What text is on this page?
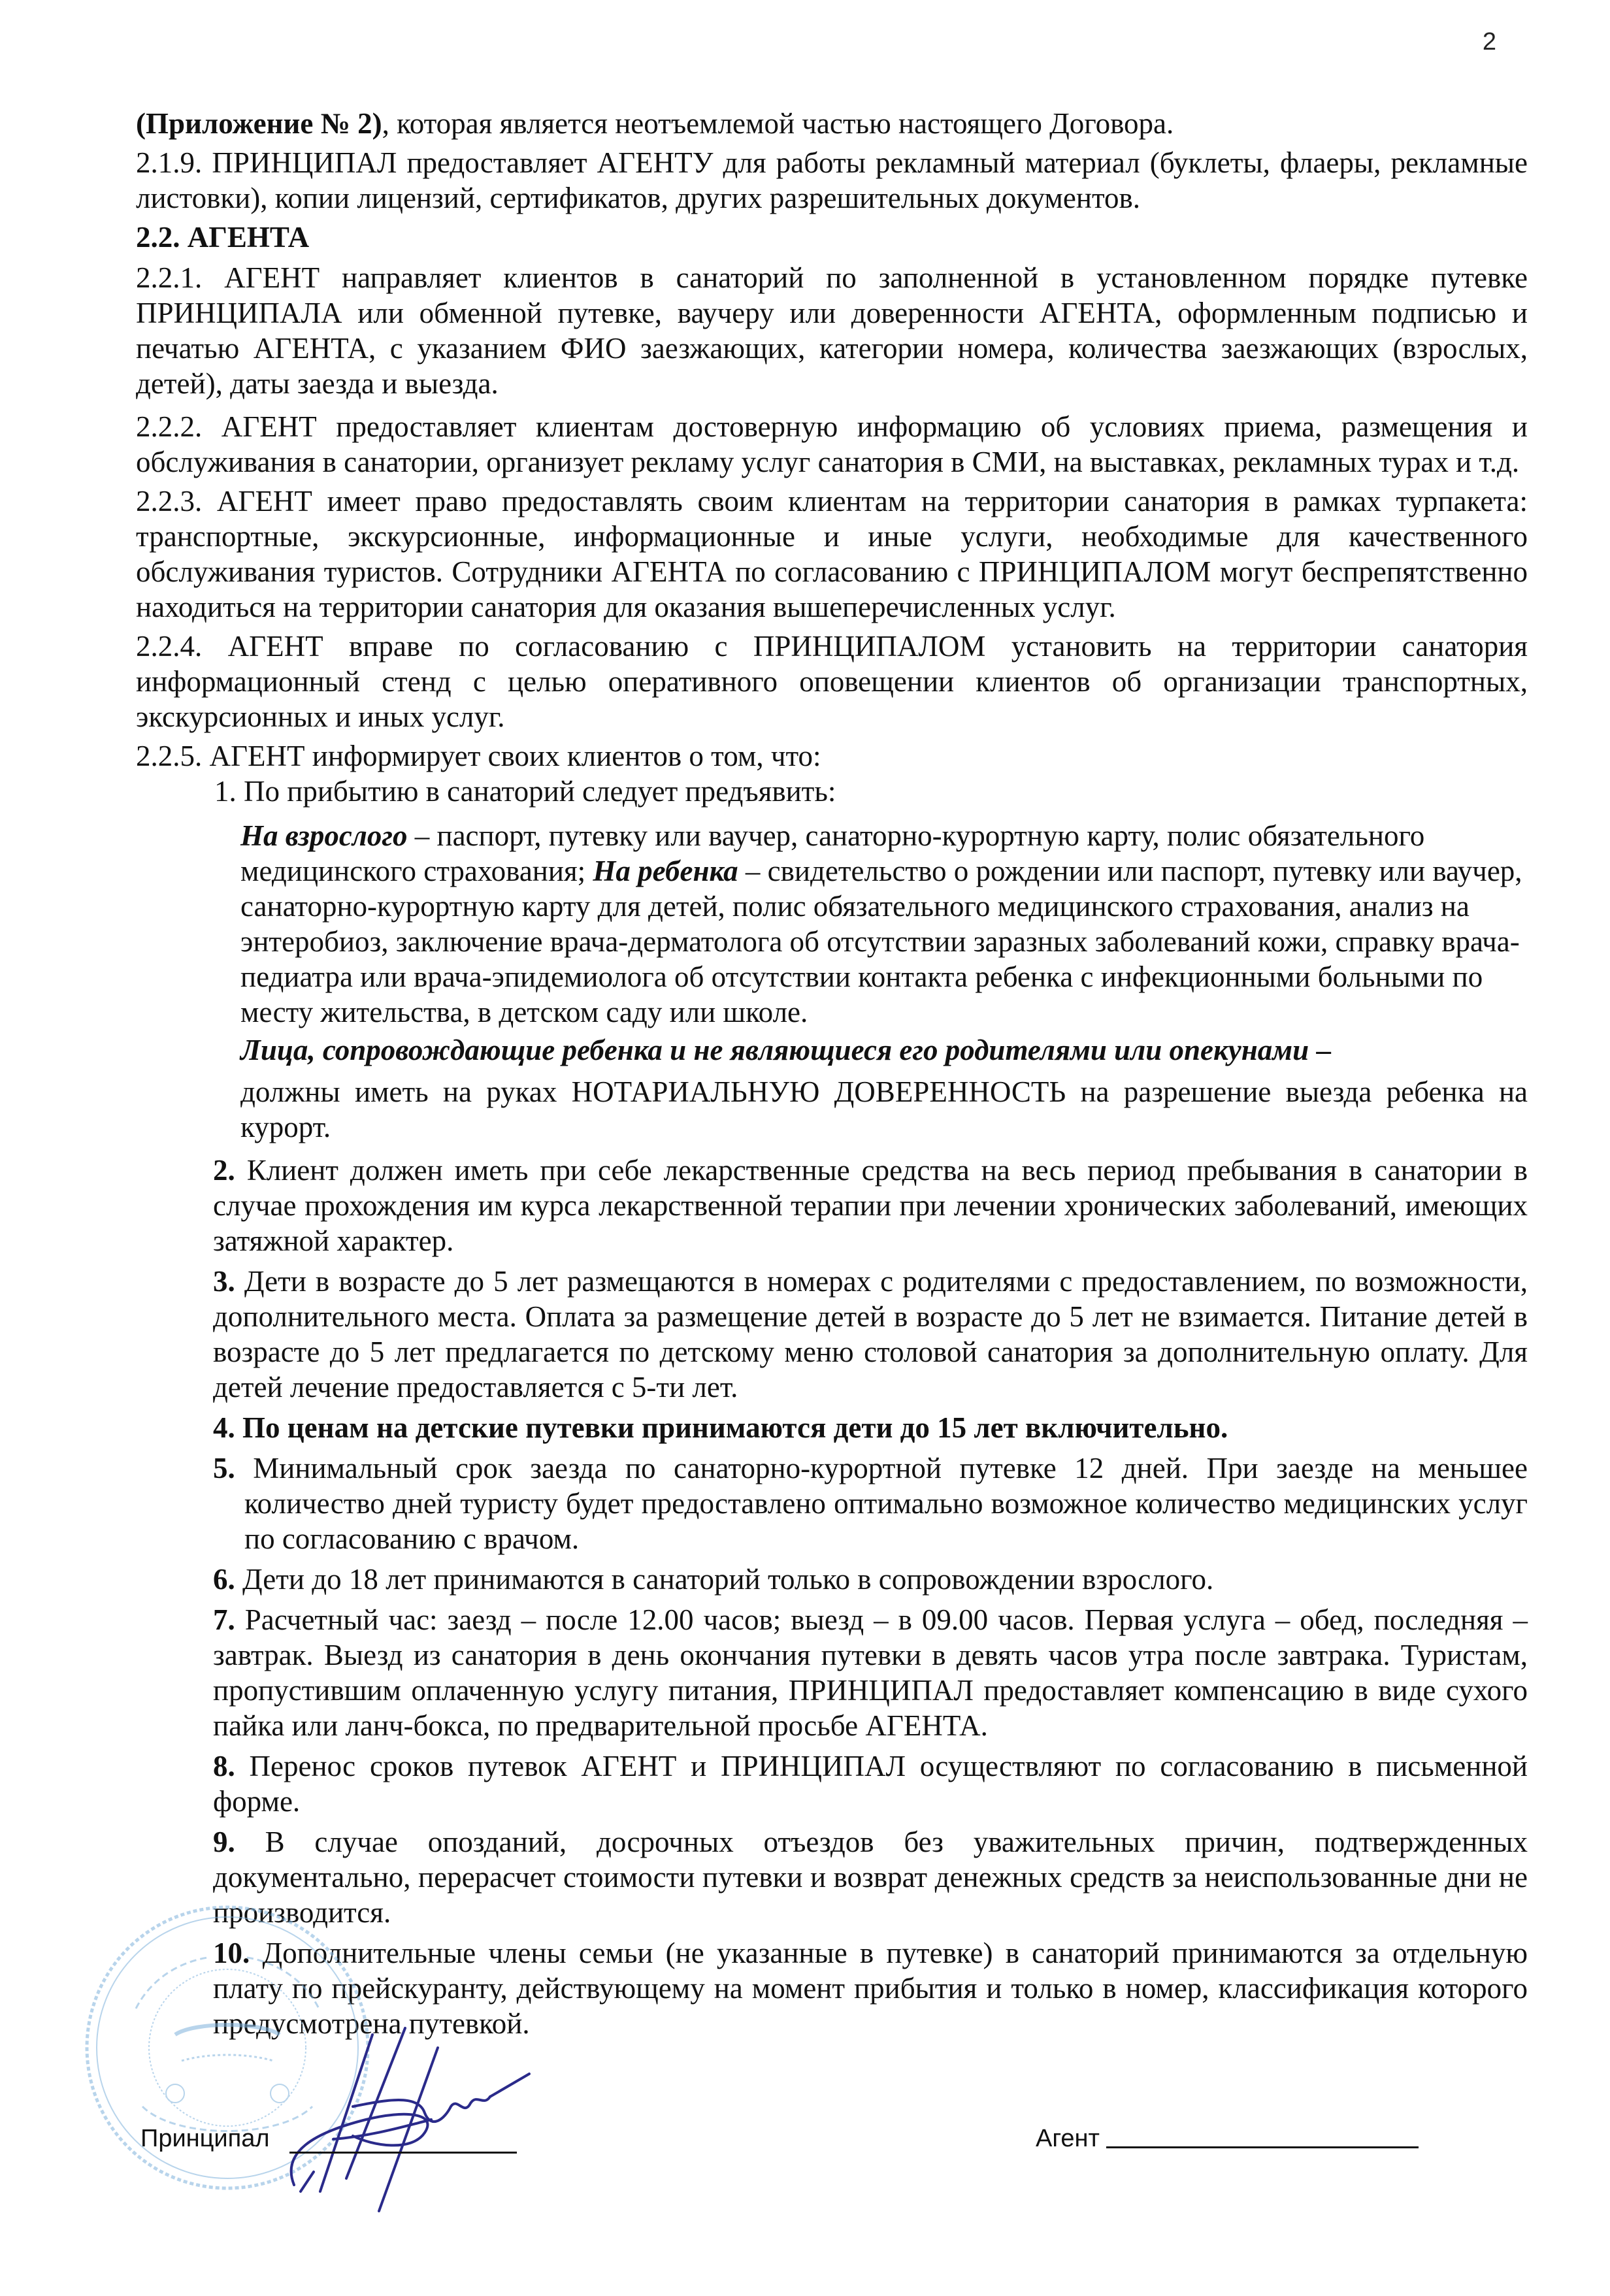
2

(Приложение № 2), которая является неотъемлемой частью настоящего Договора.

2.1.9. ПРИНЦИПАЛ предоставляет АГЕНТУ для работы рекламный материал (буклеты, флаеры, рекламные листовки), копии лицензий, сертификатов, других разрешительных документов.

2.2. АГЕНТА

2.2.1. АГЕНТ направляет клиентов в санаторий по заполненной в установленном порядке путевке ПРИНЦИПАЛА или обменной путевке, ваучеру или доверенности АГЕНТА, оформленным подписью и печатью АГЕНТА, с указанием ФИО заезжающих, категории номера, количества заезжающих (взрослых, детей), даты заезда и выезда.

2.2.2. АГЕНТ предоставляет клиентам достоверную информацию об условиях приема, размещения и обслуживания в санатории, организует рекламу услуг санатория в СМИ, на выставках, рекламных турах и т.д.

2.2.3. АГЕНТ имеет право предоставлять своим клиентам на территории санатория в рамках турпакета: транспортные, экскурсионные, информационные и иные услуги, необходимые для качественного обслуживания туристов. Сотрудники АГЕНТА по согласованию с ПРИНЦИПАЛОМ могут беспрепятственно находиться на территории санатория для оказания вышеперечисленных услуг.

2.2.4. АГЕНТ вправе по согласованию с ПРИНЦИПАЛОМ установить на территории санатория информационный стенд с целью оперативного оповещении клиентов об организации транспортных, экскурсионных и иных услуг.

2.2.5. АГЕНТ информирует своих клиентов о том, что:

1. По прибытию в санаторий следует предъявить:

На взрослого – паспорт, путевку или ваучер, санаторно-курортную карту, полис обязательного медицинского страхования; На ребенка – свидетельство о рождении или паспорт, путевку или ваучер, санаторно-курортную карту для детей, полис обязательного медицинского страхования, анализ на энтеробиоз, заключение врача-дерматолога об отсутствии заразных заболеваний кожи, справку врача-педиатра или врача-эпидемиолога об отсутствии контакта ребенка с инфекционными больными по месту жительства, в детском саду или школе.

Лица, сопровождающие ребенка и не являющиеся его родителями или опекунами –

должны иметь на руках НОТАРИАЛЬНУЮ ДОВЕРЕННОСТЬ на разрешение выезда ребенка на курорт.

2. Клиент должен иметь при себе лекарственные средства на весь период пребывания в санатории в случае прохождения им курса лекарственной терапии при лечении хронических заболеваний, имеющих затяжной характер.

3. Дети в возрасте до 5 лет размещаются в номерах с родителями с предоставлением, по возможности, дополнительного места. Оплата за размещение детей в возрасте до 5 лет не взимается. Питание детей в возрасте до 5 лет предлагается по детскому меню столовой санатория за дополнительную оплату. Для детей лечение предоставляется с 5-ти лет.

4. По ценам на детские путевки принимаются дети до 15 лет включительно.

5. Минимальный срок заезда по санаторно-курортной путевке 12 дней. При заезде на меньшее количество дней туристу будет предоставлено оптимально возможное количество медицинских услуг по согласованию с врачом.

6. Дети до 18 лет принимаются в санаторий только в сопровождении взрослого.

7. Расчетный час: заезд – после 12.00 часов; выезд – в 09.00 часов. Первая услуга – обед, последняя – завтрак. Выезд из санатория в день окончания путевки в девять часов утра после завтрака. Туристам, пропустившим оплаченную услугу питания, ПРИНЦИПАЛ предоставляет компенсацию в виде сухого пайка или ланч-бокса, по предварительной просьбе АГЕНТА.

8. Перенос сроков путевок АГЕНТ и ПРИНЦИПАЛ осуществляют по согласованию в письменной форме.

9. В случае опозданий, досрочных отъездов без уважительных причин, подтвержденных документально, перерасчет стоимости путевки и возврат денежных средств за неиспользованные дни не производится.

10. Дополнительные члены семьи (не указанные в путевке) в санаторий принимаются за отдельную плату по прейскуранту, действующему на момент прибытия и только в номер, классификация которого предусмотрена путевкой.

Принципал	Агент
